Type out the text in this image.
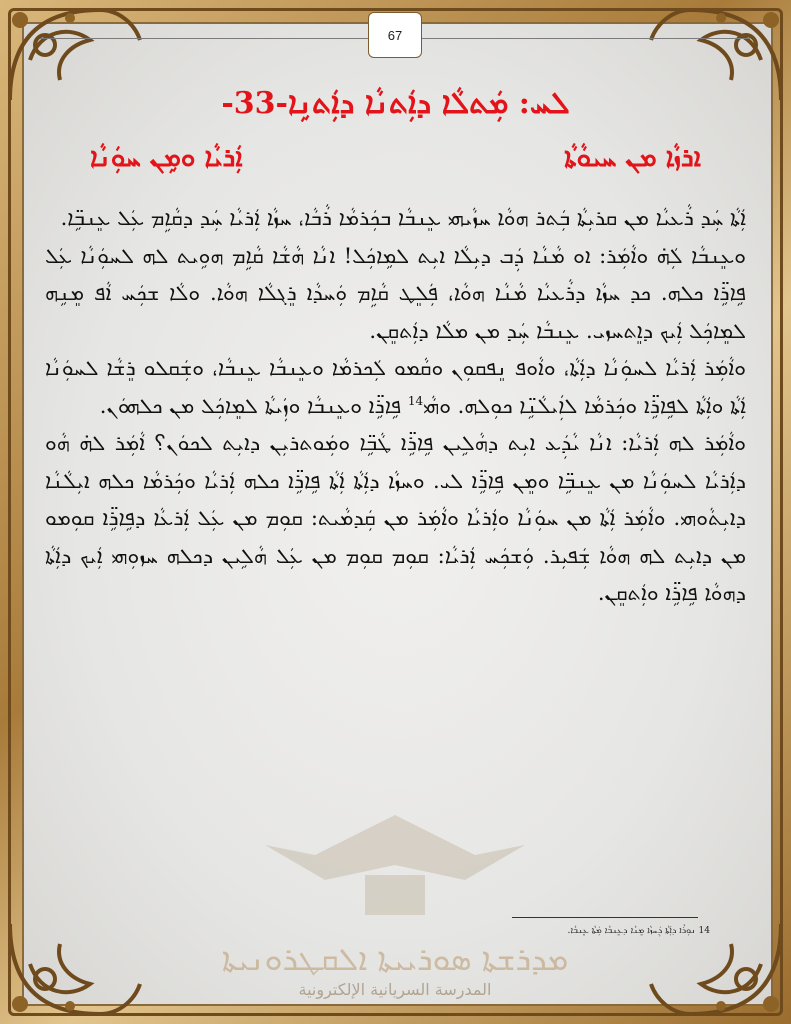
67
ܠܚ: ܡܲܬܠܵܐ ܕܐܲܬܢܵܐ ܕܐܲܬܢܹܐ-33-
ܐܪܙܵܐ ܡܢ ܚܝܘܵܬܵܐ
ܐܲܪܝܵܐ ܘܡܹܢ ܚܘܲܢܵܐ

ܐܲܬܵܐ ܚܲܕ ܪܵܥܝܵܐ ܡܢ ܩܪܝܼܬܵܐ ܒܲܬܪ ܗܘܵܐ ܚܙܵܝܗܝ ܥܸܢܒܵܐ ܒܟܲܪܡܵܐ ܪܵܒܵܐ، ܚܙܵܐ ܐܲܪܝܵܐ ܚܲܕ ܕܩܵܐܹܡ ܥܲܠ ܥܸܢܒܹ̈ܐ.

ܘܥܸܢܒܵܐ ܠܲܗ̇ ܘܐܵܡܲܪ: ܐܘ ܡܵܢܵܐ ܕܲܒ ܕܝܼܠܵܐ ܐܝܼܬ ܠܡܹܐܟܲܠ! ܐܢܵܐ ܗܵܫܵܐ ܩܵܐܹܡ ܗܘܹܝܬ ܠܗ ܠܚܘܲܢܵܐ ܥܲܠ ܦܹܐܪܹ̈ܐ ܟܠܗ. ܟܕ ܚܙܵܐ ܕܪܵܥܝܵܐ ܡܵܢܵܐ ܗܘܵܐ، ܦܲܠܸܛ ܩܵܐܹܡ ܘܲܚܕܵܐ ܪܸܓܠܵܐ ܗܘܵܐ. ܘܠܵܐ ܫܟܲܚ ܐܵܦ ܡܸܢܹܗ ܠܡܸܐܟܲܠ ܐܲܝܟ ܕܐܸܬܚܙܝ. ܥܸܢܒܵܐ ܚܲܕ ܡܢ ܡܠܵܐ ܕܐܲܬܩܸܢ.

ܘܐܵܡܲܪ ܐܲܪܝܵܐ ܠܚܘܲܢܵܐ ܕܐܲܬܵܐ، ܘܐܵܘܦ ܢܸܦܩܘܼܢ ܘܩܵܡܘ ܠܲܟܪܡܵܐ ܘܥܸܢܒܵܐ ܥܸܢܒܵܐ، ܘܫܲܩܠܘ ܪܸܫܵܐ ܠܚܘܲܢܵܐ ܐܲܬܵܐ ܘܐܲܬܵܐ ܠܦܹܐܪܹ̈ܐ ܘܟܲܪܡܵܐ ܠܐܲܝܠܵܢܹ̈ܐ ܟܘܼܠܗ. ܘܗܵܝ$^{14}$ ܦܹܐܪܹ̈ܐ ܘܥܸܢܒܵܐ ܘܙܲܝܬܵܐ ܠܡܸܐܟܲܠ ܡܢ ܟܠܗܘܿܢ.

ܘܐܵܡܲܪ ܠܗ ܐܲܪܝܵܐ: ܐܢܵܐ ܝܵܕܲܥ ܐܝܼܬ ܕܗܵܠܹܝܢ ܦܹܐܪܹ̈ܐ ܛܵܒܹ̈ܐ ܘܡܲܘܬܪܝܼܢ ܕܐܝܼܬ ܠܟܘܿܢ؟ ܐܵܡܲܪ ܠܗ̇ ܗܵܘ ܕܐܲܪܝܵܐ ܠܚܘܲܢܵܐ ܡܢ ܥܸܢܒܹ̈ܐ ܘܡܸܢ ܦܹܐܪܹ̈ܐ ܠܝ. ܘܚܙܵܐ ܕܐܲܬܵܐ ܐܲܬܵܐ ܦܹܐܪܹ̈ܐ ܟܠܗ ܐܲܪܝܵܐ ܘܟܲܪܡܵܐ ܟܠܗ ܐܝܼܠܵܢܵܐ ܕܐܝܼܬܵܘܗܝ. ܘܐܵܡܲܪ ܐܲܬܵܐ ܡܢ ܚܘܲܢܵܐ ܘܐܲܪܝܵܐ ܘܐܵܡܲܪ ܡܢ ܩܲܕܡܵܝܬ: ܩܘܼܡ ܡܢ ܥܲܠ ܐܲܪܥܵܐ ܕܦܹܐܪܹ̈ܐ ܩܘܼܡܘ ܡܢ ܕܐܝܼܬ ܠܗ ܗܘܵܐ ܫܲܦܝܼܪ. ܘܲܫܟܲܚ ܐܲܪܝܵܐ: ܩܘܼܡ ܩܘܼܡ ܡܢ ܥܲܠ ܗܵܠܹܝܢ ܕܟܠܗ ܚܙܘܼܗܝ ܐܲܝܟ ܕܐܲܬܵܐ ܕܗܘܵܐ ܦܹܐܪܹ̈ܐ ܘܐܲܬܩܸܢ.

14 ܢܘܼܪܵܐ ܕܐܲܬܵܐ ܕܲܚܙܵܐ ܡܸܢܵܐ ܕܥܸܢܒܵܐ ܡܲܬܵܐ ܥܸܢܒܵܐ.
ܡܕܪܫܬܐ ܣܘܪܝܝܬܐ ܐܠܩܛܪܘܢܝܬܐ
المدرسة السريانية الإلكترونية
